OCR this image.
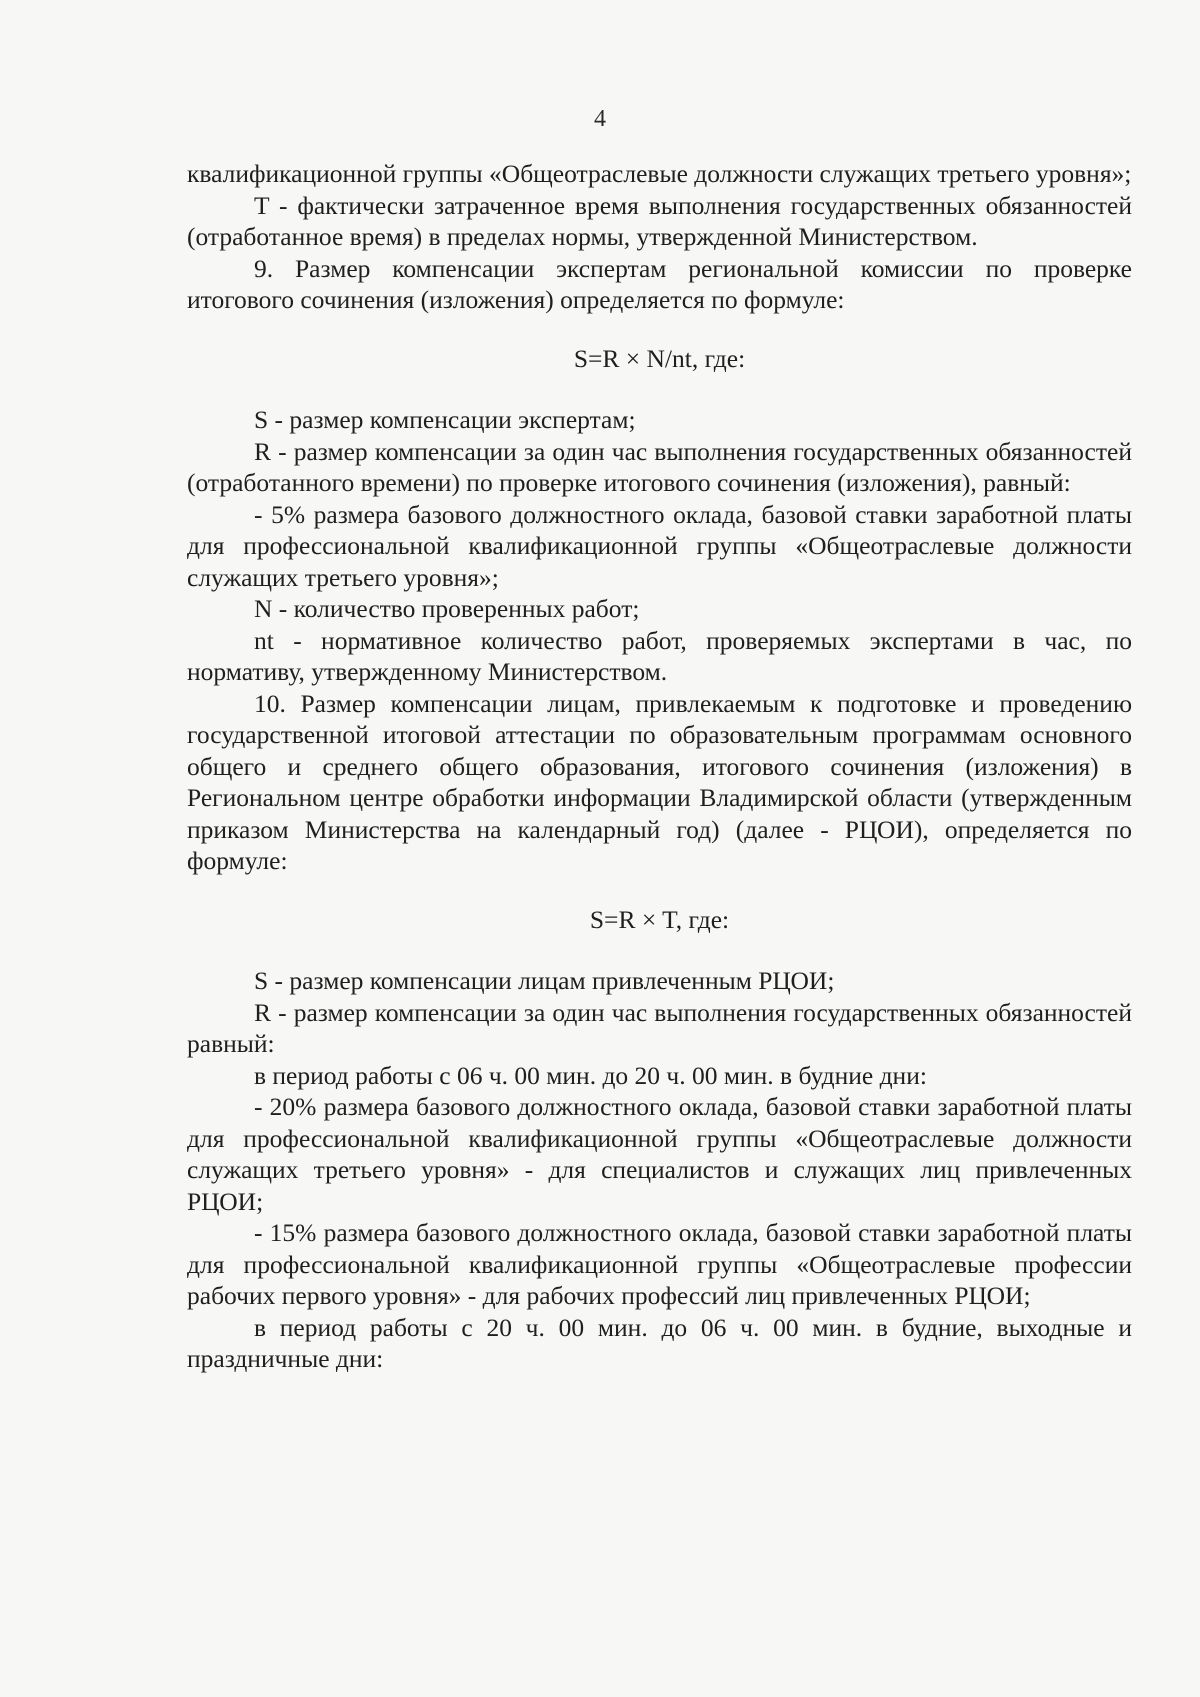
4

квалификационной группы «Общеотраслевые должности служащих третьего уровня»;

T - фактически затраченное время выполнения государственных обязанностей (отработанное время) в пределах нормы, утвержденной Министерством.

9. Размер компенсации экспертам региональной комиссии по проверке итогового сочинения (изложения) определяется по формуле:

S=R × N/nt, где:

S - размер компенсации экспертам;

R - размер компенсации за один час выполнения государственных обязанностей (отработанного времени) по проверке итогового сочинения (изложения), равный:

- 5% размера базового должностного оклада, базовой ставки заработной платы для профессиональной квалификационной группы «Общеотраслевые должности служащих третьего уровня»;

N - количество проверенных работ;

nt - нормативное количество работ, проверяемых экспертами в час, по нормативу, утвержденному Министерством.

10. Размер компенсации лицам, привлекаемым к подготовке и проведению государственной итоговой аттестации по образовательным программам основного общего и среднего общего образования, итогового сочинения (изложения) в Региональном центре обработки информации Владимирской области (утвержденным приказом Министерства на календарный год) (далее - РЦОИ), определяется по формуле:

S=R × T, где:

S - размер компенсации лицам привлеченным РЦОИ;

R - размер компенсации за один час выполнения государственных обязанностей равный:

в период работы с 06 ч. 00 мин. до 20 ч. 00 мин. в будние дни:

- 20% размера базового должностного оклада, базовой ставки заработной платы для профессиональной квалификационной группы «Общеотраслевые должности служащих третьего уровня» - для специалистов и служащих лиц привлеченных РЦОИ;

- 15% размера базового должностного оклада, базовой ставки заработной платы для профессиональной квалификационной группы «Общеотраслевые профессии рабочих первого уровня» - для рабочих профессий лиц привлеченных РЦОИ;

в период работы с 20 ч. 00 мин. до 06 ч. 00 мин. в будние, выходные и праздничные дни:
